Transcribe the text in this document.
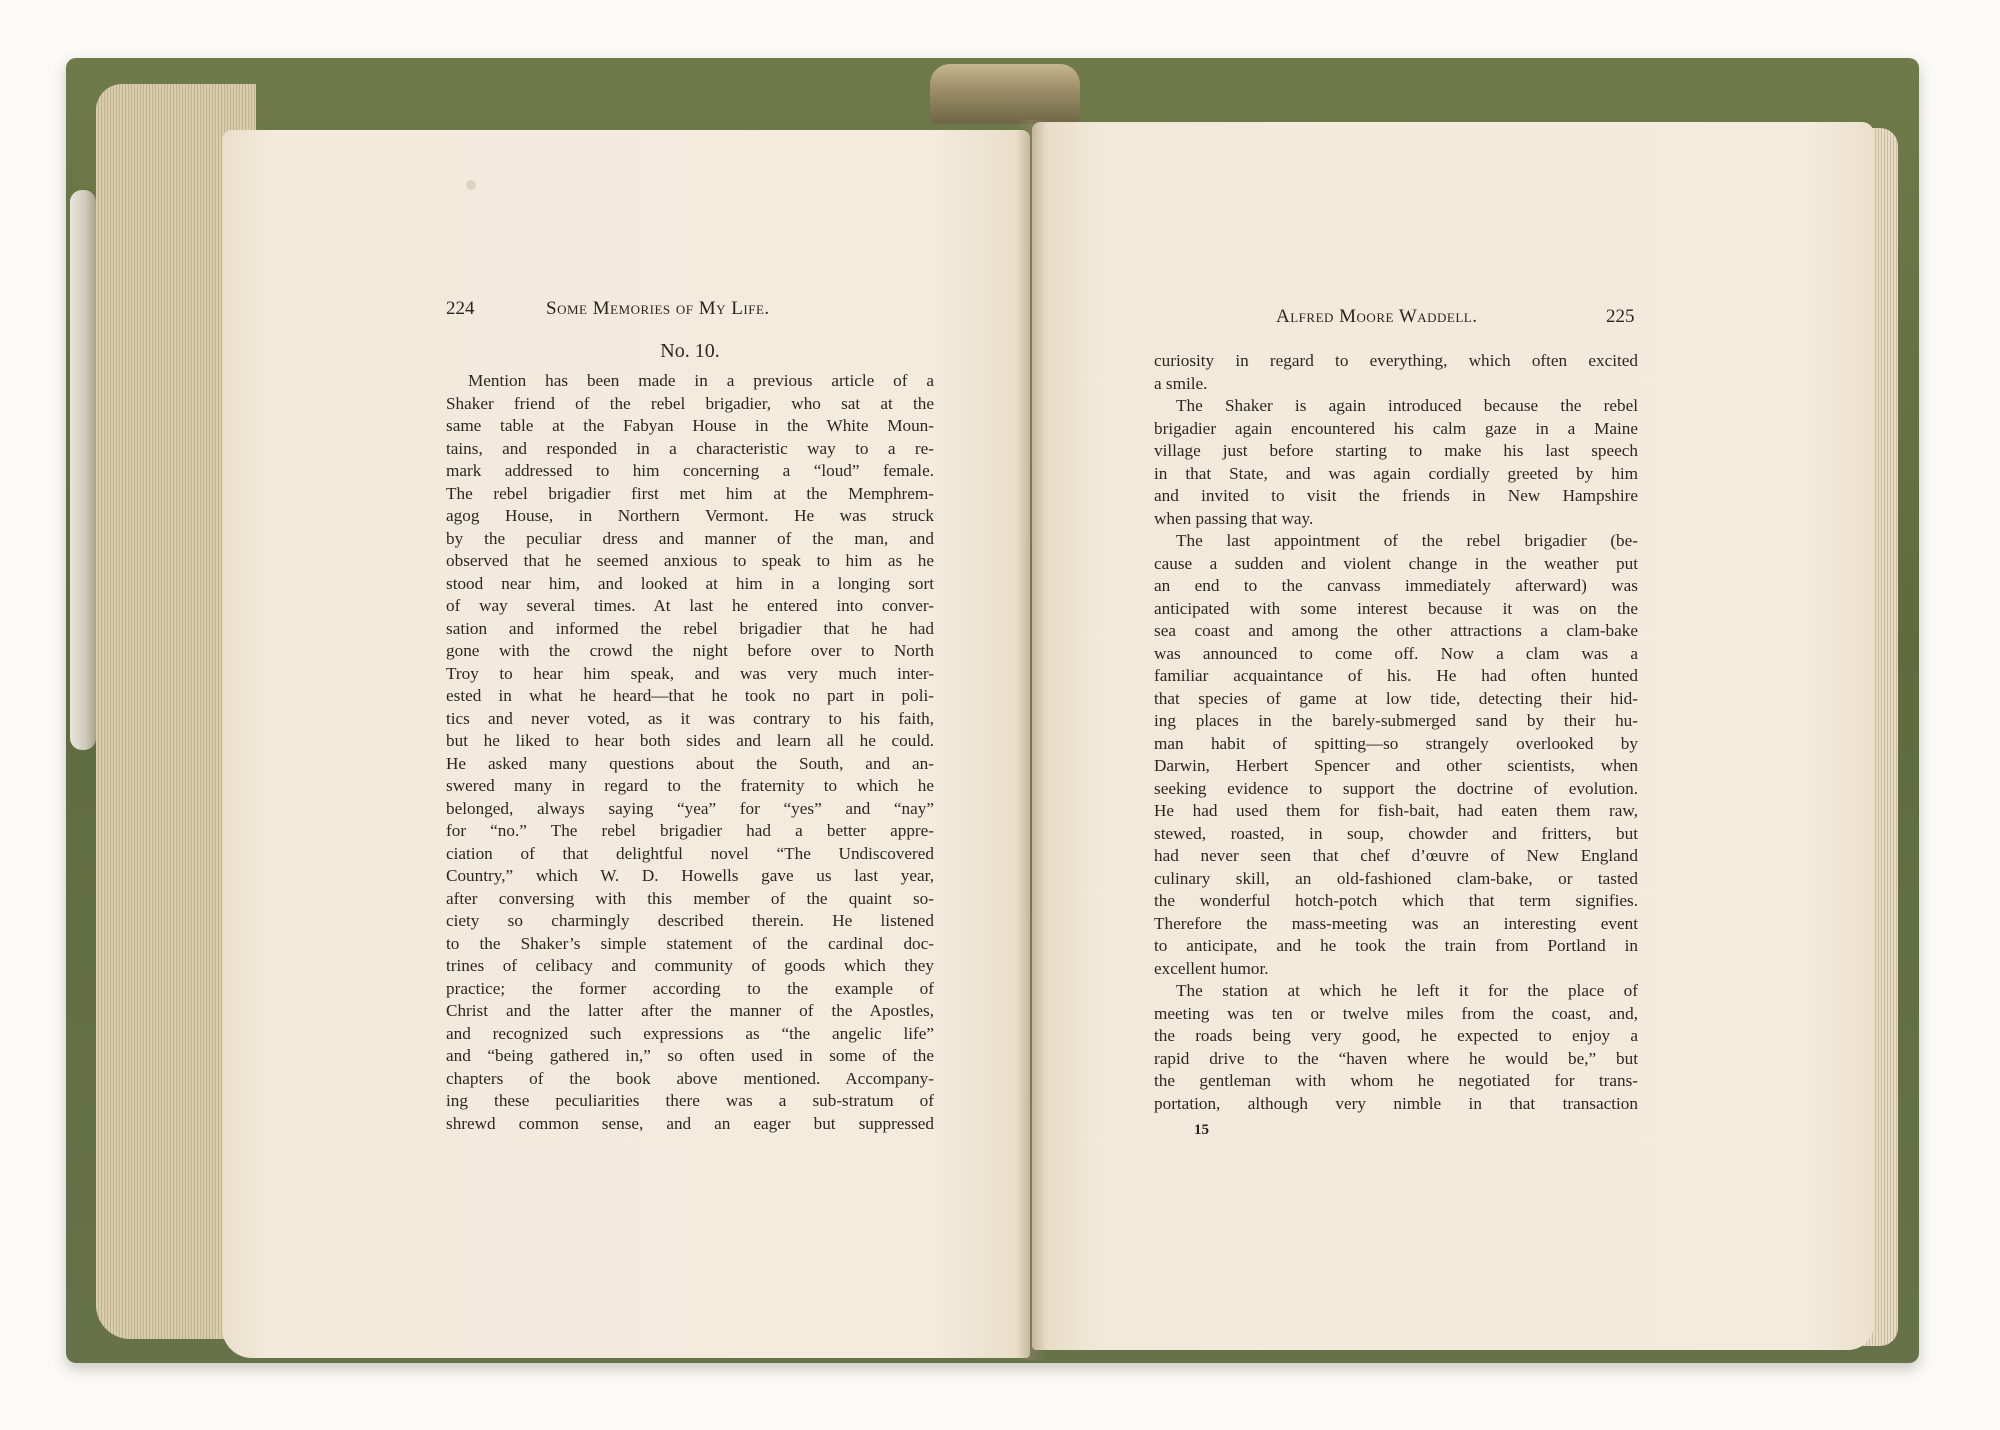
224	Some Memories of My Life.
No. 10.
Mention has been made in a previous article of a
Shaker friend of the rebel brigadier, who sat at the
same table at the Fabyan House in the White Moun-
tains, and responded in a characteristic way to a re-
mark addressed to him concerning a “loud” female.
The rebel brigadier first met him at the Memphrem-
agog House, in Northern Vermont. He was struck
by the peculiar dress and manner of the man, and
observed that he seemed anxious to speak to him as he
stood near him, and looked at him in a longing sort
of way several times. At last he entered into conver-
sation and informed the rebel brigadier that he had
gone with the crowd the night before over to North
Troy to hear him speak, and was very much inter-
ested in what he heard—that he took no part in poli-
tics and never voted, as it was contrary to his faith,
but he liked to hear both sides and learn all he could.
He asked many questions about the South, and an-
swered many in regard to the fraternity to which he
belonged, always saying “yea” for “yes” and “nay”
for “no.” The rebel brigadier had a better appre-
ciation of that delightful novel “The Undiscovered
Country,” which W. D. Howells gave us last year,
after conversing with this member of the quaint so-
ciety so charmingly described therein. He listened
to the Shaker’s simple statement of the cardinal doc-
trines of celibacy and community of goods which they
practice; the former according to the example of
Christ and the latter after the manner of the Apostles,
and recognized such expressions as “the angelic life”
and “being gathered in,” so often used in some of the
chapters of the book above mentioned. Accompany-
ing these peculiarities there was a sub-stratum of
shrewd common sense, and an eager but suppressed
Alfred Moore Waddell.	225
curiosity in regard to everything, which often excited
a smile.
The Shaker is again introduced because the rebel
brigadier again encountered his calm gaze in a Maine
village just before starting to make his last speech
in that State, and was again cordially greeted by him
and invited to visit the friends in New Hampshire
when passing that way.
The last appointment of the rebel brigadier (be-
cause a sudden and violent change in the weather put
an end to the canvass immediately afterward) was
anticipated with some interest because it was on the
sea coast and among the other attractions a clam-bake
was announced to come off. Now a clam was a
familiar acquaintance of his. He had often hunted
that species of game at low tide, detecting their hid-
ing places in the barely-submerged sand by their hu-
man habit of spitting—so strangely overlooked by
Darwin, Herbert Spencer and other scientists, when
seeking evidence to support the doctrine of evolution.
He had used them for fish-bait, had eaten them raw,
stewed, roasted, in soup, chowder and fritters, but
had never seen that chef d’œuvre of New England
culinary skill, an old-fashioned clam-bake, or tasted
the wonderful hotch-potch which that term signifies.
Therefore the mass-meeting was an interesting event
to anticipate, and he took the train from Portland in
excellent humor.
The station at which he left it for the place of
meeting was ten or twelve miles from the coast, and,
the roads being very good, he expected to enjoy a
rapid drive to the “haven where he would be,” but
the gentleman with whom he negotiated for trans-
portation, although very nimble in that transaction
15
